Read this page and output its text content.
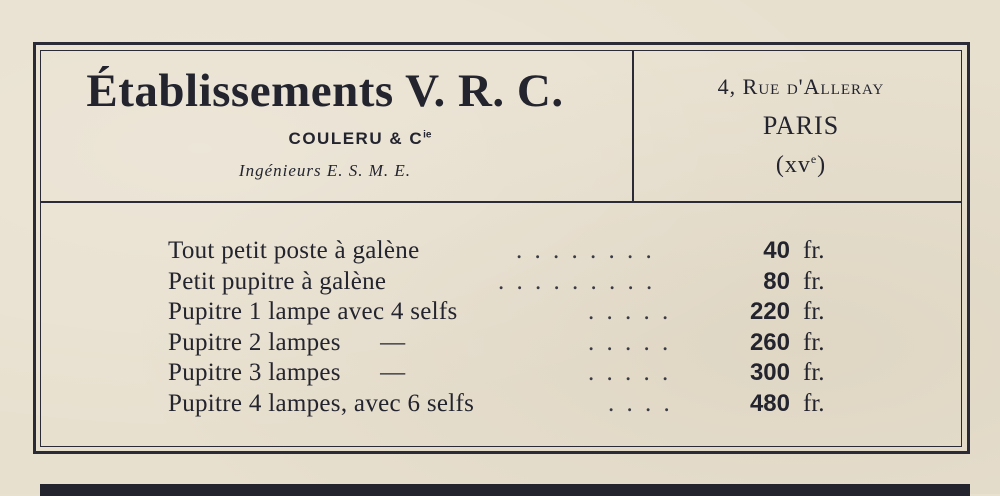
Établissements V. R. C.
COULERU & $C^{ie}$
Ingénieurs E. S. M. E.
4, Rue d'Alleray
PARIS
$(xv^e)$
Tout petit poste à galène	. . . . . . . .	40 fr.
Petit pupitre à galène	. . . . . . . . .	80 fr.
Pupitre 1 lampe avec 4 selfs	. . . . .	220 fr.
Pupitre 2 lampes      —	. . . . .	260 fr.
Pupitre 3 lampes      —	. . . . .	300 fr.
Pupitre 4 lampes, avec 6 selfs	. . . .	480 fr.
